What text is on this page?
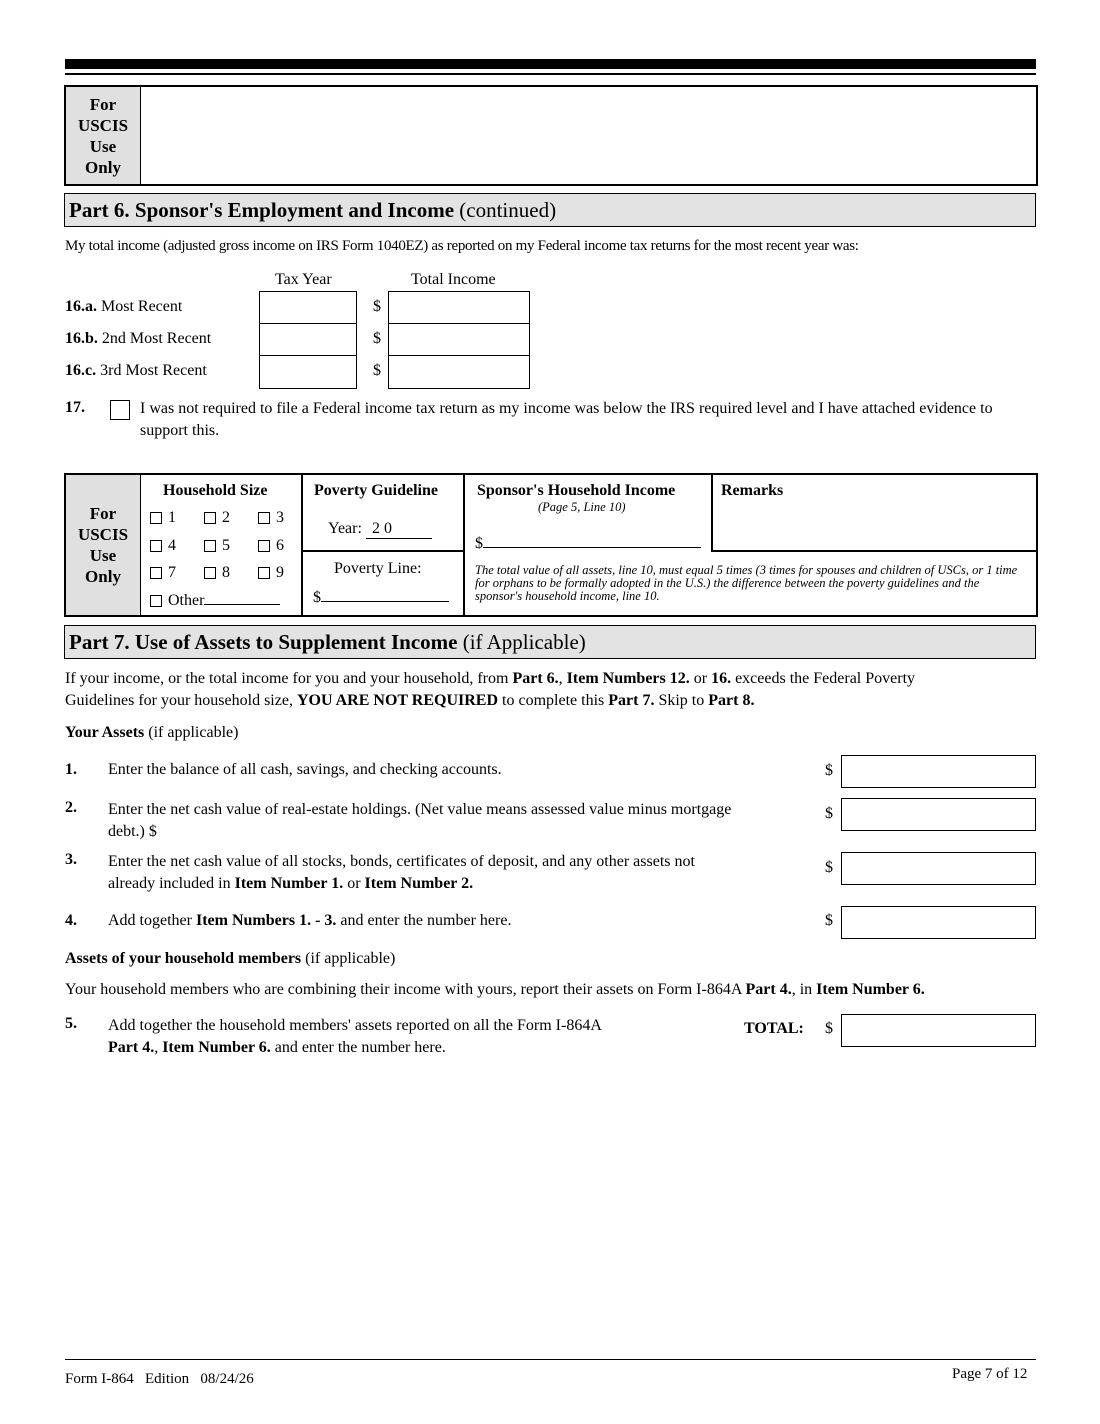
For
USCIS
Use
Only
Part 6. Sponsor's Employment and Income (continued)
My total income (adjusted gross income on IRS Form 1040EZ) as reported on my Federal income tax returns for the most recent year was:
Tax Year	Total Income
16.a. Most Recent	$
16.b. 2nd Most Recent	$
16.c. 3rd Most Recent	$
17.	I was not required to file a Federal income tax return as my income was below the IRS required level and I have attached evidence to support this.
For
USCIS
Use
Only
Household Size
1	2	3
4	5	6
7	8	9
Other
Poverty Guideline
Year: 2 0
Poverty Line:
$
Sponsor's Household Income
(Page 5, Line 10)
$
Remarks
The total value of all assets, line 10, must equal 5 times (3 times for spouses and children of USCs, or 1 time for orphans to be formally adopted in the U.S.) the difference between the poverty guidelines and the sponsor's household income, line 10.
Part 7. Use of Assets to Supplement Income (if Applicable)
If your income, or the total income for you and your household, from Part 6., Item Numbers 12. or 16. exceeds the Federal Poverty
Guidelines for your household size, YOU ARE NOT REQUIRED to complete this Part 7. Skip to Part 8.
Your Assets (if applicable)
1. Enter the balance of all cash, savings, and checking accounts.	$
2. Enter the net cash value of real-estate holdings. (Net value means assessed value minus mortgage
debt.) $
$
3. Enter the net cash value of all stocks, bonds, certificates of deposit, and any other assets not
already included in Item Number 1. or Item Number 2.
$
4. Add together Item Numbers 1. - 3. and enter the number here.	$
Assets of your household members (if applicable)
Your household members who are combining their income with yours, report their assets on Form I-864A Part 4., in Item Number 6.
5. Add together the household members' assets reported on all the Form I-864A
Part 4., Item Number 6. and enter the number here.
TOTAL: $
Form I-864   Edition   08/24/26	Page 7 of 12
